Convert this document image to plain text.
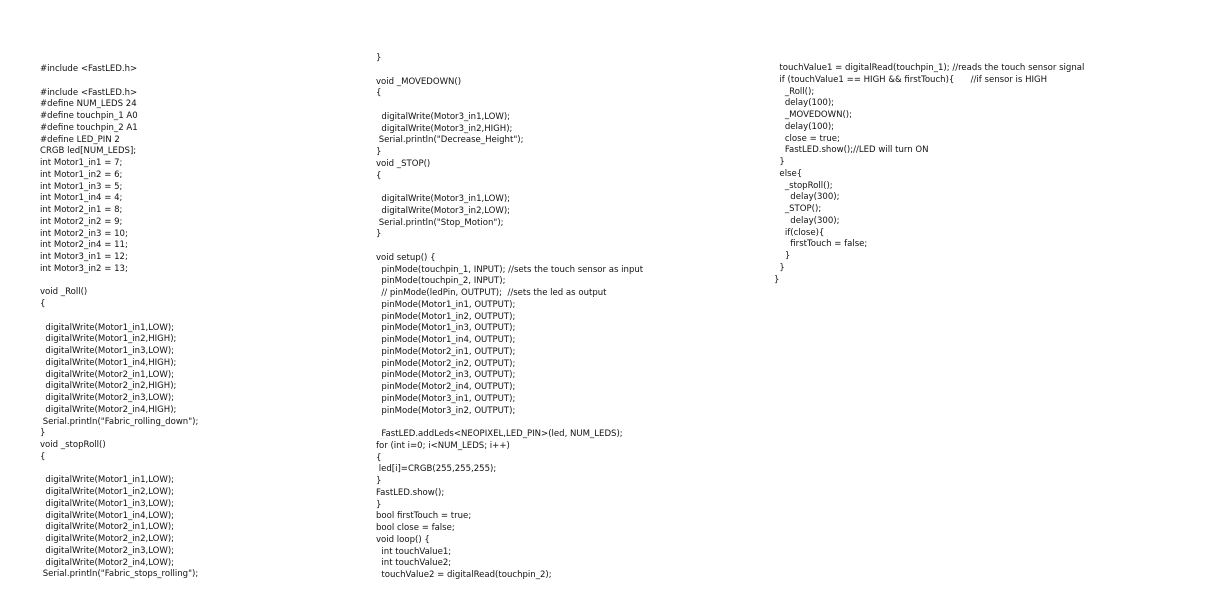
#include <FastLED.h>
#include <FastLED.h>
#define NUM_LEDS 24
#define touchpin_1 A0
#define touchpin_2 A1
#define LED_PIN 2
CRGB led[NUM_LEDS];
int Motor1_in1 = 7;
int Motor1_in2 = 6;
int Motor1_in3 = 5;
int Motor1_in4 = 4;
int Motor2_in1 = 8;
int Motor2_in2 = 9;
int Motor2_in3 = 10;
int Motor2_in4 = 11;
int Motor3_in1 = 12;
int Motor3_in2 = 13;
void _Roll()
{
digitalWrite(Motor1_in1,LOW);
digitalWrite(Motor1_in2,HIGH);
digitalWrite(Motor1_in3,LOW);
digitalWrite(Motor1_in4,HIGH);
digitalWrite(Motor2_in1,LOW);
digitalWrite(Motor2_in2,HIGH);
digitalWrite(Motor2_in3,LOW);
digitalWrite(Motor2_in4,HIGH);
Serial.println("Fabric_rolling_down");
}
void _stopRoll()
{
digitalWrite(Motor1_in1,LOW);
digitalWrite(Motor1_in2,LOW);
digitalWrite(Motor1_in3,LOW);
digitalWrite(Motor1_in4,LOW);
digitalWrite(Motor2_in1,LOW);
digitalWrite(Motor2_in2,LOW);
digitalWrite(Motor2_in3,LOW);
digitalWrite(Motor2_in4,LOW);
Serial.println("Fabric_stops_rolling");
}
void _MOVEDOWN()
{
digitalWrite(Motor3_in1,LOW);
digitalWrite(Motor3_in2,HIGH);
Serial.println("Decrease_Height");
}
void _STOP()
{
digitalWrite(Motor3_in1,LOW);
digitalWrite(Motor3_in2,LOW);
Serial.println("Stop_Motion");
}
void setup() {
pinMode(touchpin_1, INPUT); //sets the touch sensor as input
pinMode(touchpin_2, INPUT);
// pinMode(ledPin, OUTPUT);  //sets the led as output
pinMode(Motor1_in1, OUTPUT);
pinMode(Motor1_in2, OUTPUT);
pinMode(Motor1_in3, OUTPUT);
pinMode(Motor1_in4, OUTPUT);
pinMode(Motor2_in1, OUTPUT);
pinMode(Motor2_in2, OUTPUT);
pinMode(Motor2_in3, OUTPUT);
pinMode(Motor2_in4, OUTPUT);
pinMode(Motor3_in1, OUTPUT);
pinMode(Motor3_in2, OUTPUT);
FastLED.addLeds<NEOPIXEL,LED_PIN>(led, NUM_LEDS);
for (int i=0; i<NUM_LEDS; i++)
{
led[i]=CRGB(255,255,255);
}
FastLED.show();
}
bool firstTouch = true;
bool close = false;
void loop() {
int touchValue1;
int touchValue2;
touchValue2 = digitalRead(touchpin_2);
touchValue1 = digitalRead(touchpin_1); //reads the touch sensor signal
if (touchValue1 == HIGH && firstTouch){      //if sensor is HIGH
_Roll();
delay(100);
_MOVEDOWN();
delay(100);
close = true;
FastLED.show();//LED will turn ON
}
else{
_stopRoll();
delay(300);
_STOP();
delay(300);
if(close){
firstTouch = false;
}
}
}
